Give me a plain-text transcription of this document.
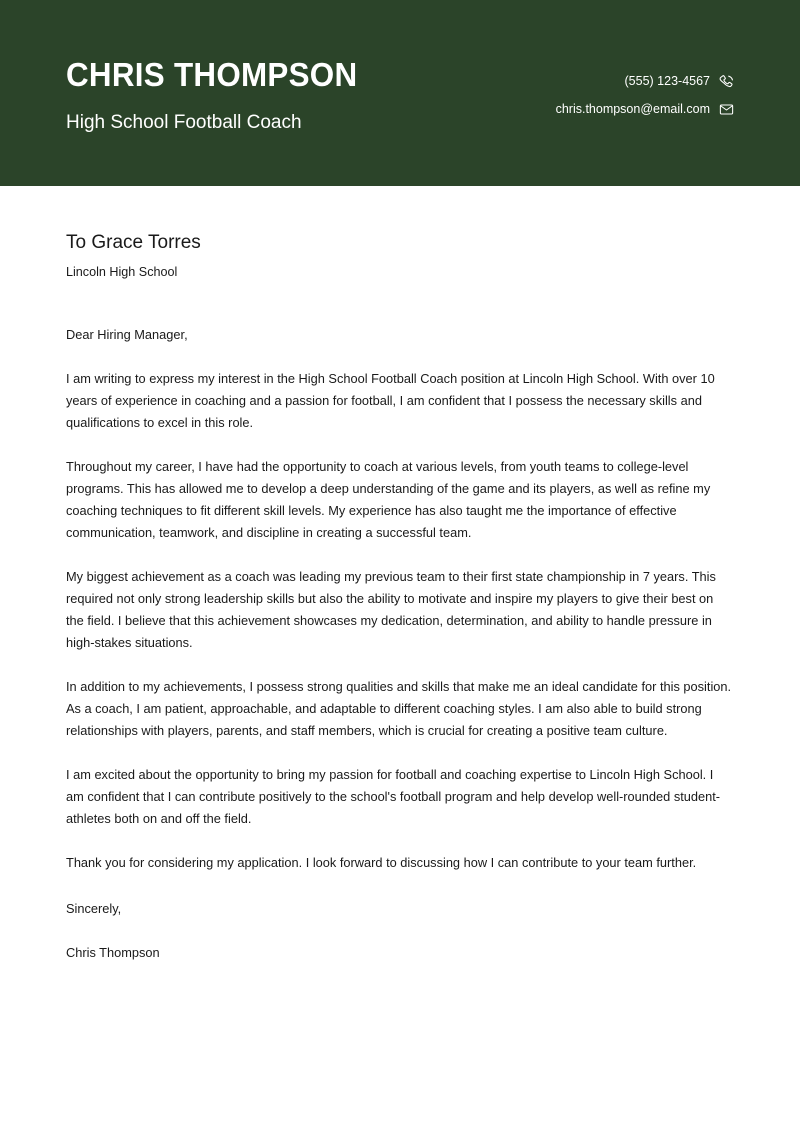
CHRIS THOMPSON
High School Football Coach
(555) 123-4567
chris.thompson@email.com
To Grace Torres
Lincoln High School
Dear Hiring Manager,

I am writing to express my interest in the High School Football Coach position at Lincoln High School. With over 10 years of experience in coaching and a passion for football, I am confident that I possess the necessary skills and qualifications to excel in this role.

Throughout my career, I have had the opportunity to coach at various levels, from youth teams to college-level programs. This has allowed me to develop a deep understanding of the game and its players, as well as refine my coaching techniques to fit different skill levels. My experience has also taught me the importance of effective communication, teamwork, and discipline in creating a successful team.

My biggest achievement as a coach was leading my previous team to their first state championship in 7 years. This required not only strong leadership skills but also the ability to motivate and inspire my players to give their best on the field. I believe that this achievement showcases my dedication, determination, and ability to handle pressure in high-stakes situations.

In addition to my achievements, I possess strong qualities and skills that make me an ideal candidate for this position. As a coach, I am patient, approachable, and adaptable to different coaching styles. I am also able to build strong relationships with players, parents, and staff members, which is crucial for creating a positive team culture.

I am excited about the opportunity to bring my passion for football and coaching expertise to Lincoln High School. I am confident that I can contribute positively to the school's football program and help develop well-rounded student-athletes both on and off the field.

Thank you for considering my application. I look forward to discussing how I can contribute to your team further.

Sincerely,
Chris Thompson
